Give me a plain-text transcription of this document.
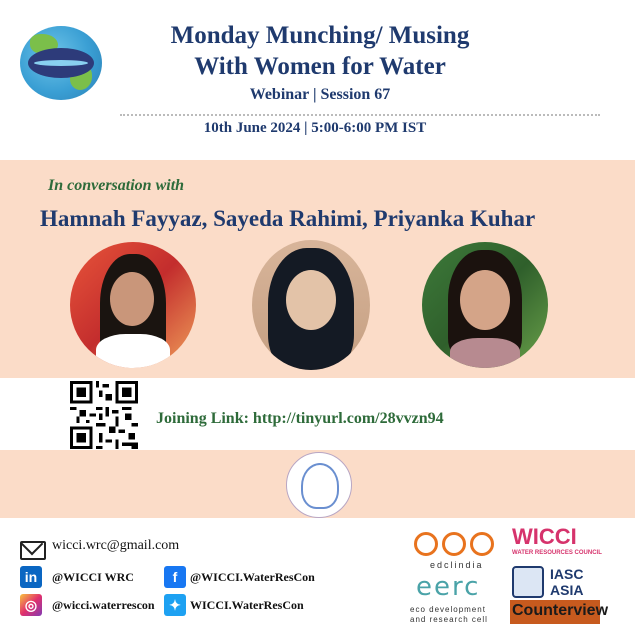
Monday Munching/ Musing
With Women for Water
Webinar | Session 67
10th June 2024 | 5:00-6:00 PM IST
In conversation with
Hamnah Fayyaz, Sayeda Rahimi, Priyanka Kuhar
Joining Link: http://tinyurl.com/28vvzn94
wicci.wrc@gmail.com
in	@WICCI WRC	f	@WICCI.WaterResCon
◎	@wicci.waterrescon	✦ WICCI.WaterResCon
edclindia
eerc
eco development
and research cell
WICCI
WATER RESOURCES COUNCIL
IASC
ASIA
Counterview
